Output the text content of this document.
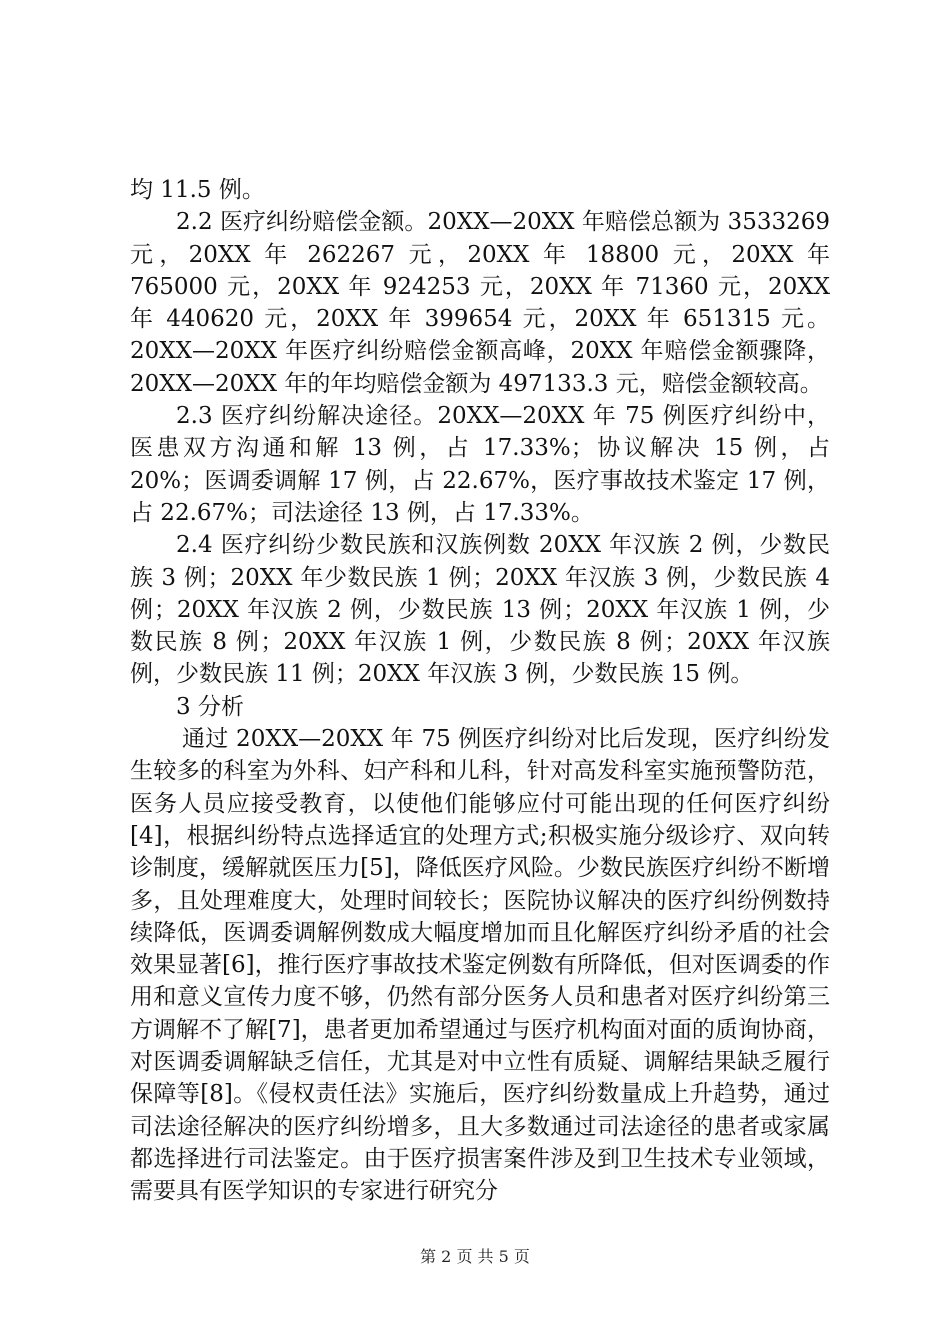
均 11.5 例。

2.2 医疗纠纷赔偿金额。20XX—20XX 年赔偿总额为 3533269 元，20XX 年 262267 元，20XX 年 18800 元，20XX 年 765000 元，20XX 年 924253 元，20XX 年 71360 元，20XX 年 440620 元，20XX 年 399654 元，20XX 年 651315 元。20XX—20XX 年医疗纠纷赔偿金额高峰，20XX 年赔偿金额骤降，20XX—20XX 年的年均赔偿金额为 497133.3 元，赔偿金额较高。

2.3 医疗纠纷解决途径。20XX—20XX 年 75 例医疗纠纷中，医患双方沟通和解 13 例，占 17.33%；协议解决 15 例，占 20%；医调委调解 17 例，占 22.67%，医疗事故技术鉴定 17 例，占 22.67%；司法途径 13 例，占 17.33%。

2.4 医疗纠纷少数民族和汉族例数 20XX 年汉族 2 例，少数民族 3 例；20XX 年少数民族 1 例；20XX 年汉族 3 例，少数民族 4 例；20XX 年汉族 2 例，少数民族 13 例；20XX 年汉族 1 例，少数民族 8 例；20XX 年汉族 1 例，少数民族 8 例；20XX 年汉族例，少数民族 11 例；20XX 年汉族 3 例，少数民族 15 例。

3 分析

通过 20XX—20XX 年 75 例医疗纠纷对比后发现，医疗纠纷发生较多的科室为外科、妇产科和儿科，针对高发科室实施预警防范，医务人员应接受教育，以使他们能够应付可能出现的任何医疗纠纷[4]，根据纠纷特点选择适宜的处理方式;积极实施分级诊疗、双向转诊制度，缓解就医压力[5]，降低医疗风险。少数民族医疗纠纷不断增多，且处理难度大，处理时间较长；医院协议解决的医疗纠纷例数持续降低，医调委调解例数成大幅度增加而且化解医疗纠纷矛盾的社会效果显著[6]，推行医疗事故技术鉴定例数有所降低，但对医调委的作用和意义宣传力度不够，仍然有部分医务人员和患者对医疗纠纷第三方调解不了解[7]，患者更加希望通过与医疗机构面对面的质询协商，对医调委调解缺乏信任，尤其是对中立性有质疑、调解结果缺乏履行保障等[8]。《侵权责任法》实施后，医疗纠纷数量成上升趋势，通过司法途径解决的医疗纠纷增多，且大多数通过司法途径的患者或家属都选择进行司法鉴定。由于医疗损害案件涉及到卫生技术专业领域，需要具有医学知识的专家进行研究分

第 2 页 共 5 页
